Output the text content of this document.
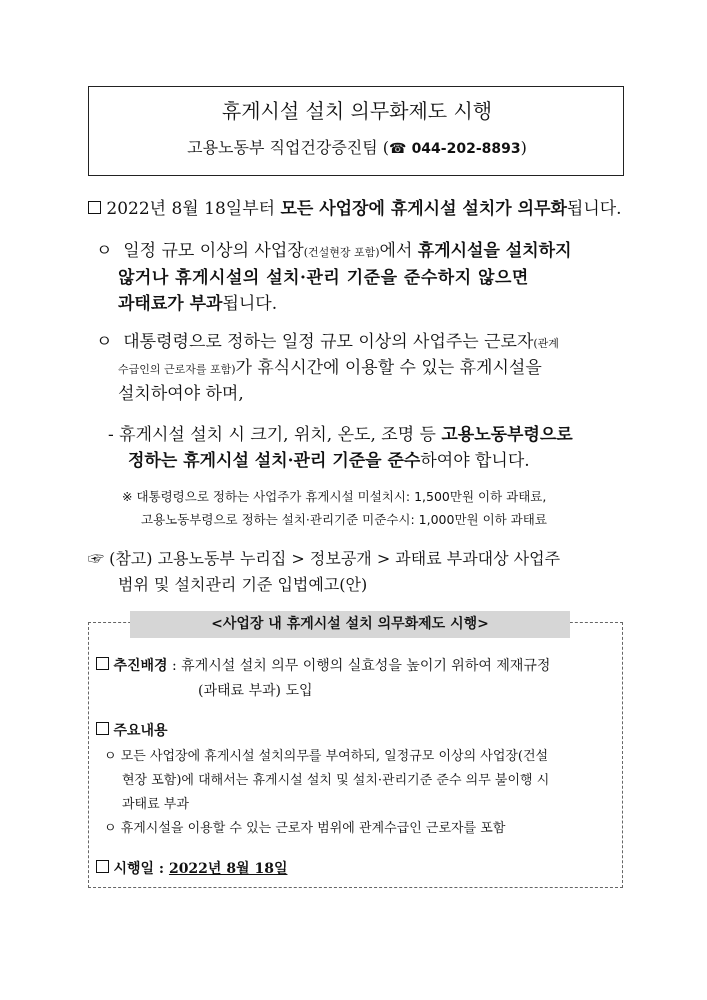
휴게시설 설치 의무화제도 시행
고용노동부 직업건강증진팀 (☎ 044-202-8893)
2022년 8월 18일부터 모든 사업장에 휴게시설 설치가 의무화됩니다.
ㅇ 일정 규모 이상의 사업장(건설현장 포함)에서 휴게시설을 설치하지
않거나 휴게시설의 설치·관리 기준을 준수하지 않으면
과태료가 부과됩니다.
ㅇ 대통령령으로 정하는 일정 규모 이상의 사업주는 근로자(관계
수급인의 근로자를 포함)가 휴식시간에 이용할 수 있는 휴게시설을
설치하여야 하며,
- 휴게시설 설치 시 크기, 위치, 온도, 조명 등 고용노동부령으로
정하는 휴게시설 설치·관리 기준을 준수하여야 합니다.
※ 대통령령으로 정하는 사업주가 휴게시설 미설치시: 1,500만원 이하 과태료,
고용노동부령으로 정하는 설치·관리기준 미준수시: 1,000만원 이하 과태료
☞ (참고) 고용노동부 누리집 > 정보공개 > 과태료 부과대상 사업주
범위 및 설치관리 기준 입법예고(안)
<사업장 내 휴게시설 설치 의무화제도 시행>
추진배경 : 휴게시설 설치 의무 이행의 실효성을 높이기 위하여 제재규정
(과태료 부과) 도입
주요내용
ㅇ 모든 사업장에 휴게시설 설치의무를 부여하되, 일정규모 이상의 사업장(건설
현장 포함)에 대해서는 휴게시설 설치 및 설치·관리기준 준수 의무 불이행 시
과태료 부과
ㅇ 휴게시설을 이용할 수 있는 근로자 범위에 관계수급인 근로자를 포함
시행일 : 2022년 8월 18일
